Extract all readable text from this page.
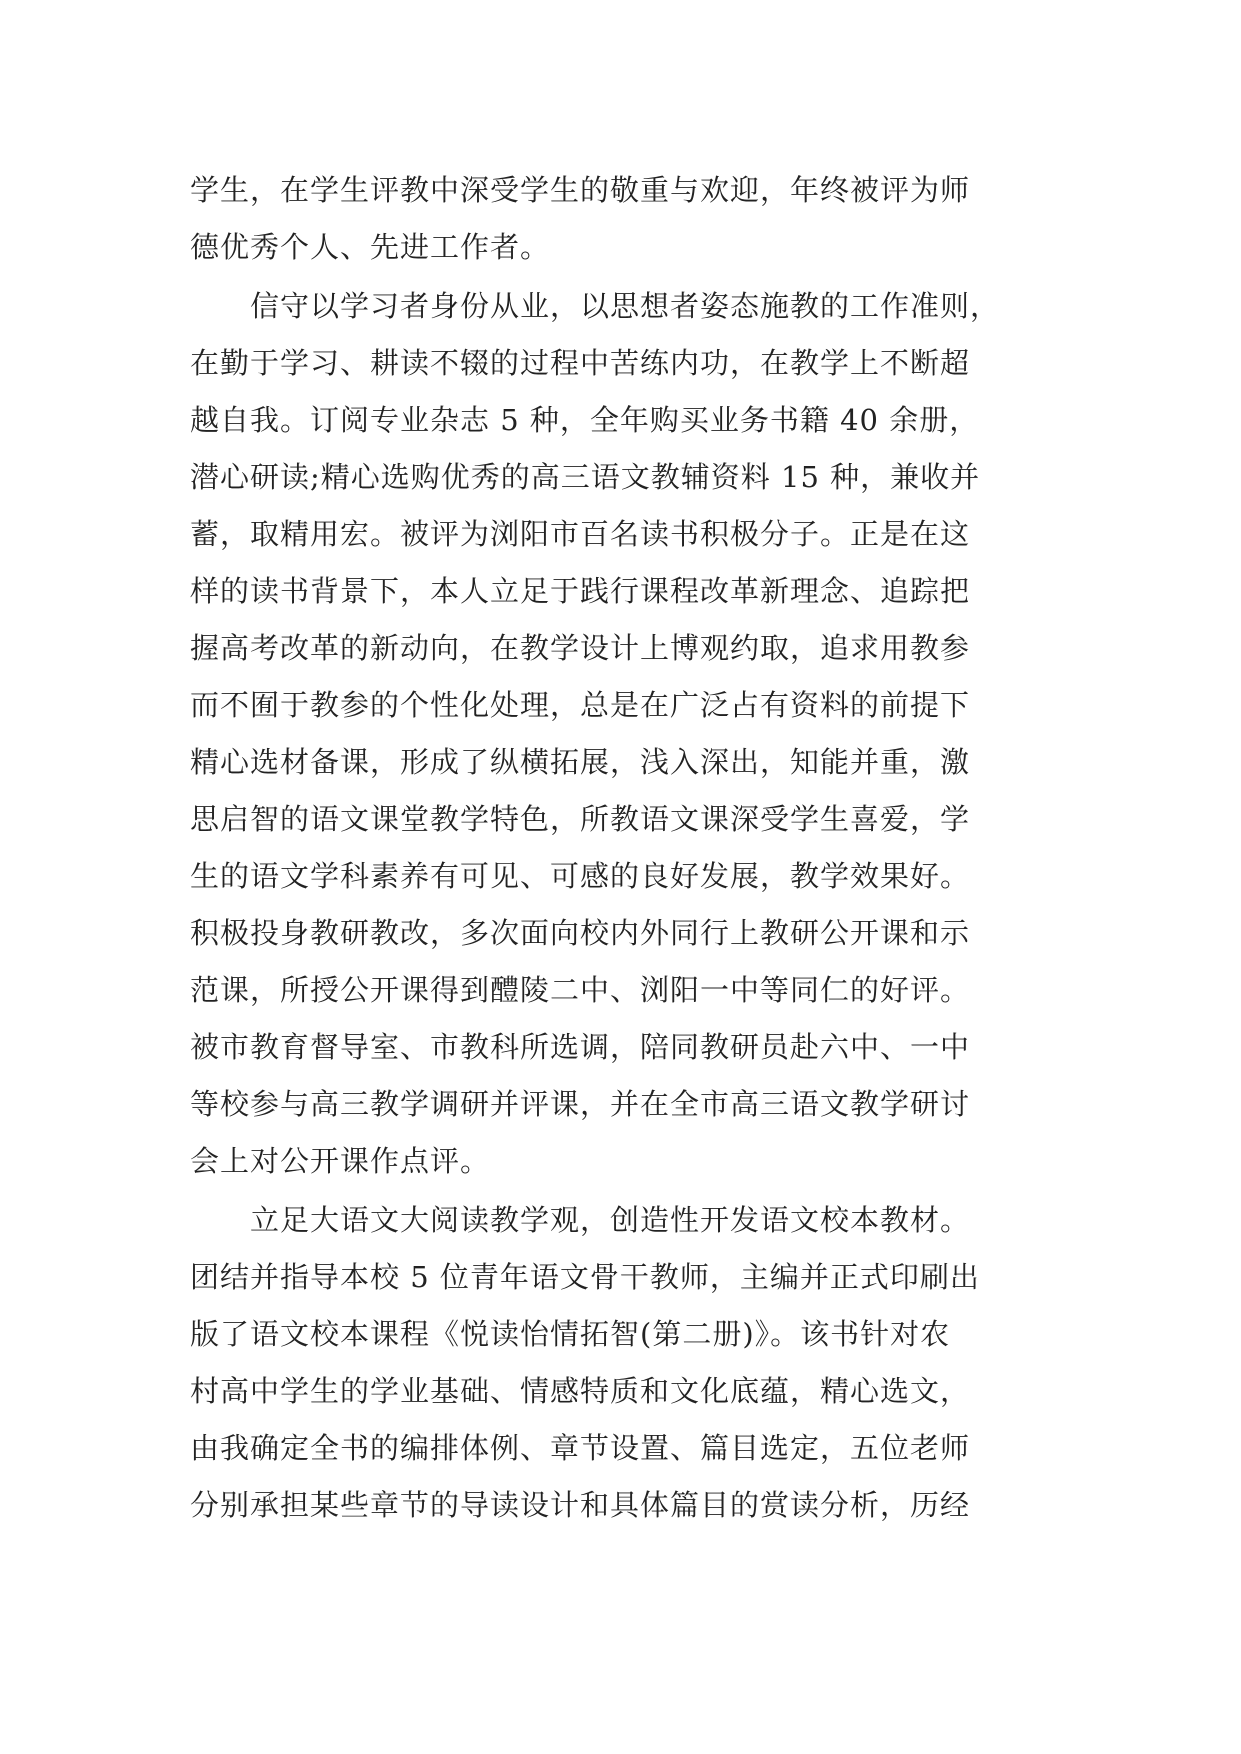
学生，在学生评教中深受学生的敬重与欢迎，年终被评为师
德优秀个人、先进工作者。
　　信守以学习者身份从业，以思想者姿态施教的工作准则，
在勤于学习、耕读不辍的过程中苦练内功，在教学上不断超
越自我。订阅专业杂志 5 种，全年购买业务书籍 40 余册，
潜心研读;精心选购优秀的高三语文教辅资料 15 种，兼收并
蓄，取精用宏。被评为浏阳市百名读书积极分子。正是在这
样的读书背景下，本人立足于践行课程改革新理念、追踪把
握高考改革的新动向，在教学设计上博观约取，追求用教参
而不囿于教参的个性化处理，总是在广泛占有资料的前提下
精心选材备课，形成了纵横拓展，浅入深出，知能并重，激
思启智的语文课堂教学特色，所教语文课深受学生喜爱，学
生的语文学科素养有可见、可感的良好发展，教学效果好。
积极投身教研教改，多次面向校内外同行上教研公开课和示
范课，所授公开课得到醴陵二中、浏阳一中等同仁的好评。
被市教育督导室、市教科所选调，陪同教研员赴六中、一中
等校参与高三教学调研并评课，并在全市高三语文教学研讨
会上对公开课作点评。
　　立足大语文大阅读教学观，创造性开发语文校本教材。
团结并指导本校 5 位青年语文骨干教师，主编并正式印刷出
版了语文校本课程《悦读怡情拓智(第二册)》。该书针对农
村高中学生的学业基础、情感特质和文化底蕴，精心选文，
由我确定全书的编排体例、章节设置、篇目选定，五位老师
分别承担某些章节的导读设计和具体篇目的赏读分析，历经
